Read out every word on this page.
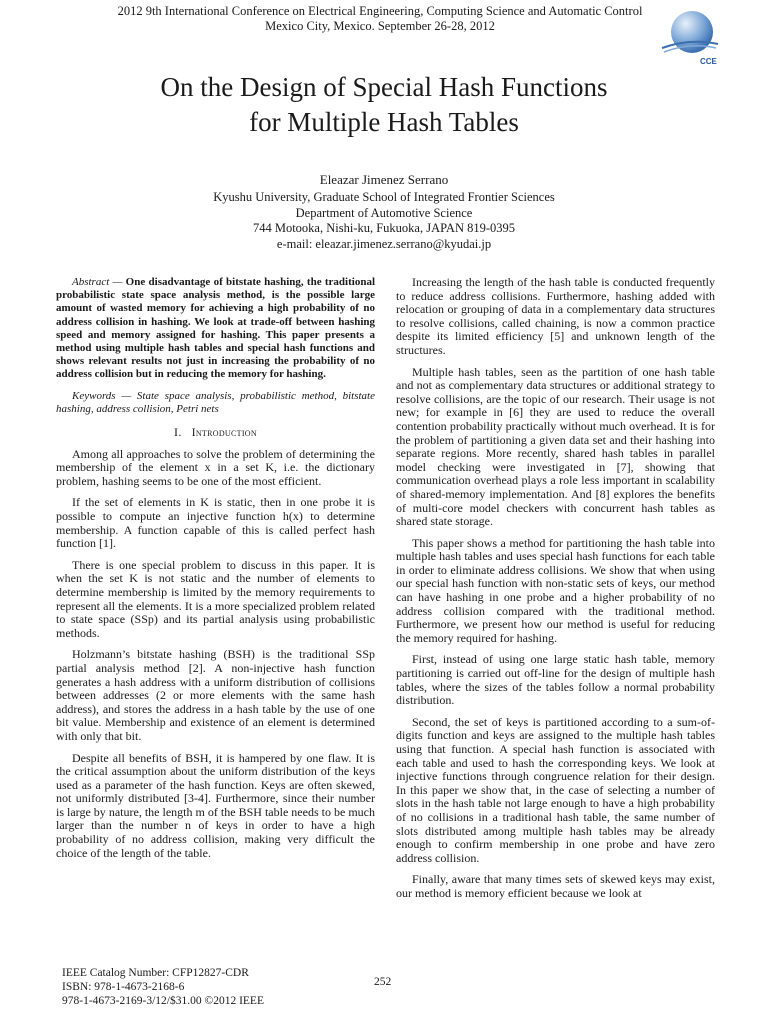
2012 9th International Conference on Electrical Engineering, Computing Science and Automatic Control
Mexico City, Mexico. September 26-28, 2012
CCE
On the Design of Special Hash Functions
for Multiple Hash Tables
Eleazar Jimenez Serrano
Kyushu University, Graduate School of Integrated Frontier Sciences
Department of Automotive Science
744 Motooka, Nishi-ku, Fukuoka, JAPAN 819-0395
e-mail: eleazar.jimenez.serrano@kyudai.jp

Abstract — One disadvantage of bitstate hashing, the traditional probabilistic state space analysis method, is the possible large amount of wasted memory for achieving a high probability of no address collision in hashing. We look at trade-off between hashing speed and memory assigned for hashing. This paper presents a method using multiple hash tables and special hash functions and shows relevant results not just in increasing the probability of no address collision but in reducing the memory for hashing.

Keywords — State space analysis, probabilistic method, bitstate hashing, address collision, Petri nets

I. Introduction

Among all approaches to solve the problem of determining the membership of the element x in a set K, i.e. the dictionary problem, hashing seems to be one of the most efficient.

If the set of elements in K is static, then in one probe it is possible to compute an injective function h(x) to determine membership. A function capable of this is called perfect hash function [1].

There is one special problem to discuss in this paper. It is when the set K is not static and the number of elements to determine membership is limited by the memory requirements to represent all the elements. It is a more specialized problem related to state space (SSp) and its partial analysis using probabilistic methods.

Holzmann’s bitstate hashing (BSH) is the traditional SSp partial analysis method [2]. A non-injective hash function generates a hash address with a uniform distribution of collisions between addresses (2 or more elements with the same hash address), and stores the address in a hash table by the use of one bit value. Membership and existence of an element is determined with only that bit.

Despite all benefits of BSH, it is hampered by one flaw. It is the critical assumption about the uniform distribution of the keys used as a parameter of the hash function. Keys are often skewed, not uniformly distributed [3-4]. Furthermore, since their number is large by nature, the length m of the BSH table needs to be much larger than the number n of keys in order to have a high probability of no address collision, making very difficult the choice of the length of the table.

Increasing the length of the hash table is conducted frequently to reduce address collisions. Furthermore, hashing added with relocation or grouping of data in a complementary data structures to resolve collisions, called chaining, is now a common practice despite its limited efficiency [5] and unknown length of the structures.

Multiple hash tables, seen as the partition of one hash table and not as complementary data structures or additional strategy to resolve collisions, are the topic of our research. Their usage is not new; for example in [6] they are used to reduce the overall contention probability practically without much overhead. It is for the problem of partitioning a given data set and their hashing into separate regions. More recently, shared hash tables in parallel model checking were investigated in [7], showing that communication overhead plays a role less important in scalability of shared-memory implementation. And [8] explores the benefits of multi-core model checkers with concurrent hash tables as shared state storage.

This paper shows a method for partitioning the hash table into multiple hash tables and uses special hash functions for each table in order to eliminate address collisions. We show that when using our special hash function with non-static sets of keys, our method can have hashing in one probe and a higher probability of no address collision compared with the traditional method. Furthermore, we present how our method is useful for reducing the memory required for hashing.

First, instead of using one large static hash table, memory partitioning is carried out off-line for the design of multiple hash tables, where the sizes of the tables follow a normal probability distribution.

Second, the set of keys is partitioned according to a sum-of-digits function and keys are assigned to the multiple hash tables using that function. A special hash function is associated with each table and used to hash the corresponding keys. We look at injective functions through congruence relation for their design. In this paper we show that, in the case of selecting a number of slots in the hash table not large enough to have a high probability of no collisions in a traditional hash table, the same number of slots distributed among multiple hash tables may be already enough to confirm membership in one probe and have zero address collision.

Finally, aware that many times sets of skewed keys may exist, our method is memory efficient because we look at

IEEE Catalog Number: CFP12827-CDR
ISBN: 978-1-4673-2168-6
978-1-4673-2169-3/12/$31.00 ©2012 IEEE
252
